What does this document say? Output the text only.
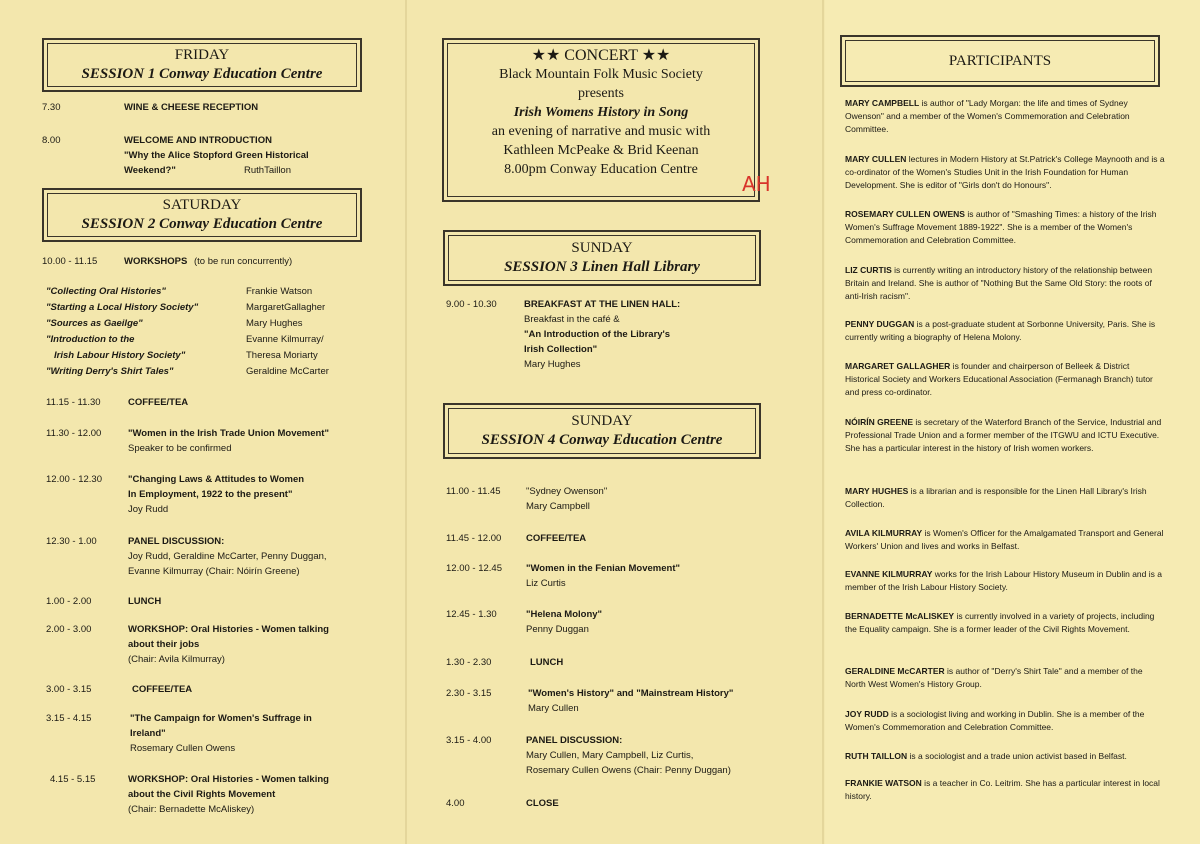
FRIDAY
SESSION 1 Conway Education Centre
7.30	WINE & CHEESE RECEPTION
8.00	WELCOME AND INTRODUCTION
"Why the Alice Stopford Green Historical
Weekend?"	RuthTaillon
SATURDAY
SESSION 2 Conway Education Centre
10.00 - 11.15	WORKSHOPS (to be run concurrently)
"Collecting Oral Histories"	Frankie Watson
"Starting a Local History Society"	MargaretGallagher
"Sources as Gaeilge"	Mary Hughes
"Introduction to the	Evanne Kilmurray/
Irish Labour History Society"	Theresa Moriarty
"Writing Derry's Shirt Tales"	Geraldine McCarter
11.15 - 11.30	COFFEE/TEA
11.30 - 12.00	"Women in the Irish Trade Union Movement"
Speaker to be confirmed
12.00 - 12.30	"Changing Laws & Attitudes to Women
In Employment, 1922 to the present"
Joy Rudd
12.30 - 1.00	PANEL DISCUSSION:
Joy Rudd, Geraldine McCarter, Penny Duggan,
Evanne Kilmurray (Chair: Nóirín Greene)
1.00 - 2.00	LUNCH
2.00 - 3.00	WORKSHOP: Oral Histories - Women talking
about their jobs
(Chair: Avila Kilmurray)
3.00 - 3.15	COFFEE/TEA
3.15 - 4.15	"The Campaign for Women's Suffrage in
Ireland"
Rosemary Cullen Owens
4.15 - 5.15	WORKSHOP: Oral Histories - Women talking
about the Civil Rights Movement
(Chair: Bernadette McAliskey)
★★ CONCERT ★★
Black Mountain Folk Music Society
presents
Irish Womens History in Song
an evening of narrative and music with
Kathleen McPeake & Brid Keenan
8.00pm Conway Education Centre
AH
SUNDAY
SESSION 3 Linen Hall Library
9.00 - 10.30	BREAKFAST AT THE LINEN HALL:
Breakfast in the café &
"An Introduction of the Library's
Irish Collection"
Mary Hughes
SUNDAY
SESSION 4 Conway Education Centre
11.00 - 11.45	"Sydney Owenson"
Mary Campbell
11.45 - 12.00	COFFEE/TEA
12.00 - 12.45	"Women in the Fenian Movement"
Liz Curtis
12.45 - 1.30	"Helena Molony"
Penny Duggan
1.30 - 2.30	LUNCH
2.30 - 3.15	"Women's History" and "Mainstream History"
Mary Cullen
3.15 - 4.00	PANEL DISCUSSION:
Mary Cullen, Mary Campbell, Liz Curtis,
Rosemary Cullen Owens (Chair: Penny Duggan)
4.00	CLOSE
PARTICIPANTS
MARY CAMPBELL is author of "Lady Morgan: the life and times of Sydney Owenson" and a member of the Women's Commemoration and Celebration Committee.
MARY CULLEN lectures in Modern History at St.Patrick's College Maynooth and is a co-ordinator of the Women's Studies Unit in the Irish Foundation for Human Development. She is editor of "Girls don't do Honours".
ROSEMARY CULLEN OWENS is author of "Smashing Times: a history of the Irish Women's Suffrage Movement 1889-1922". She is a member of the Women's Commemoration and Celebration Committee.
LIZ CURTIS is currently writing an introductory history of the relationship between Britain and Ireland. She is author of "Nothing But the Same Old Story: the roots of anti-Irish racism".
PENNY DUGGAN is a post-graduate student at Sorbonne University, Paris. She is currently writing a biography of Helena Molony.
MARGARET GALLAGHER is founder and chairperson of Belleek & District Historical Society and Workers Educational Association (Fermanagh Branch) tutor and press co-ordinator.
NÓIRÍN GREENE is secretary of the Waterford Branch of the Service, Industrial and Professional Trade Union and a former member of the ITGWU and ICTU Executive. She has a particular interest in the history of Irish women workers.
MARY HUGHES is a librarian and is responsible for the Linen Hall Library's Irish Collection.
AVILA KILMURRAY is Women's Officer for the Amalgamated Transport and General Workers' Union and lives and works in Belfast.
EVANNE KILMURRAY works for the Irish Labour History Museum in Dublin and is a member of the Irish Labour History Society.
BERNADETTE McALISKEY is currently involved in a variety of projects, including the Equality campaign. She is a former leader of the Civil Rights Movement.
GERALDINE McCARTER is author of "Derry's Shirt Tale" and a member of the North West Women's History Group.
JOY RUDD is a sociologist living and working in Dublin. She is a member of the Women's Commemoration and Celebration Committee.
RUTH TAILLON is a sociologist and a trade union activist based in Belfast.
FRANKIE WATSON is a teacher in Co. Leitrim. She has a particular interest in local history.
